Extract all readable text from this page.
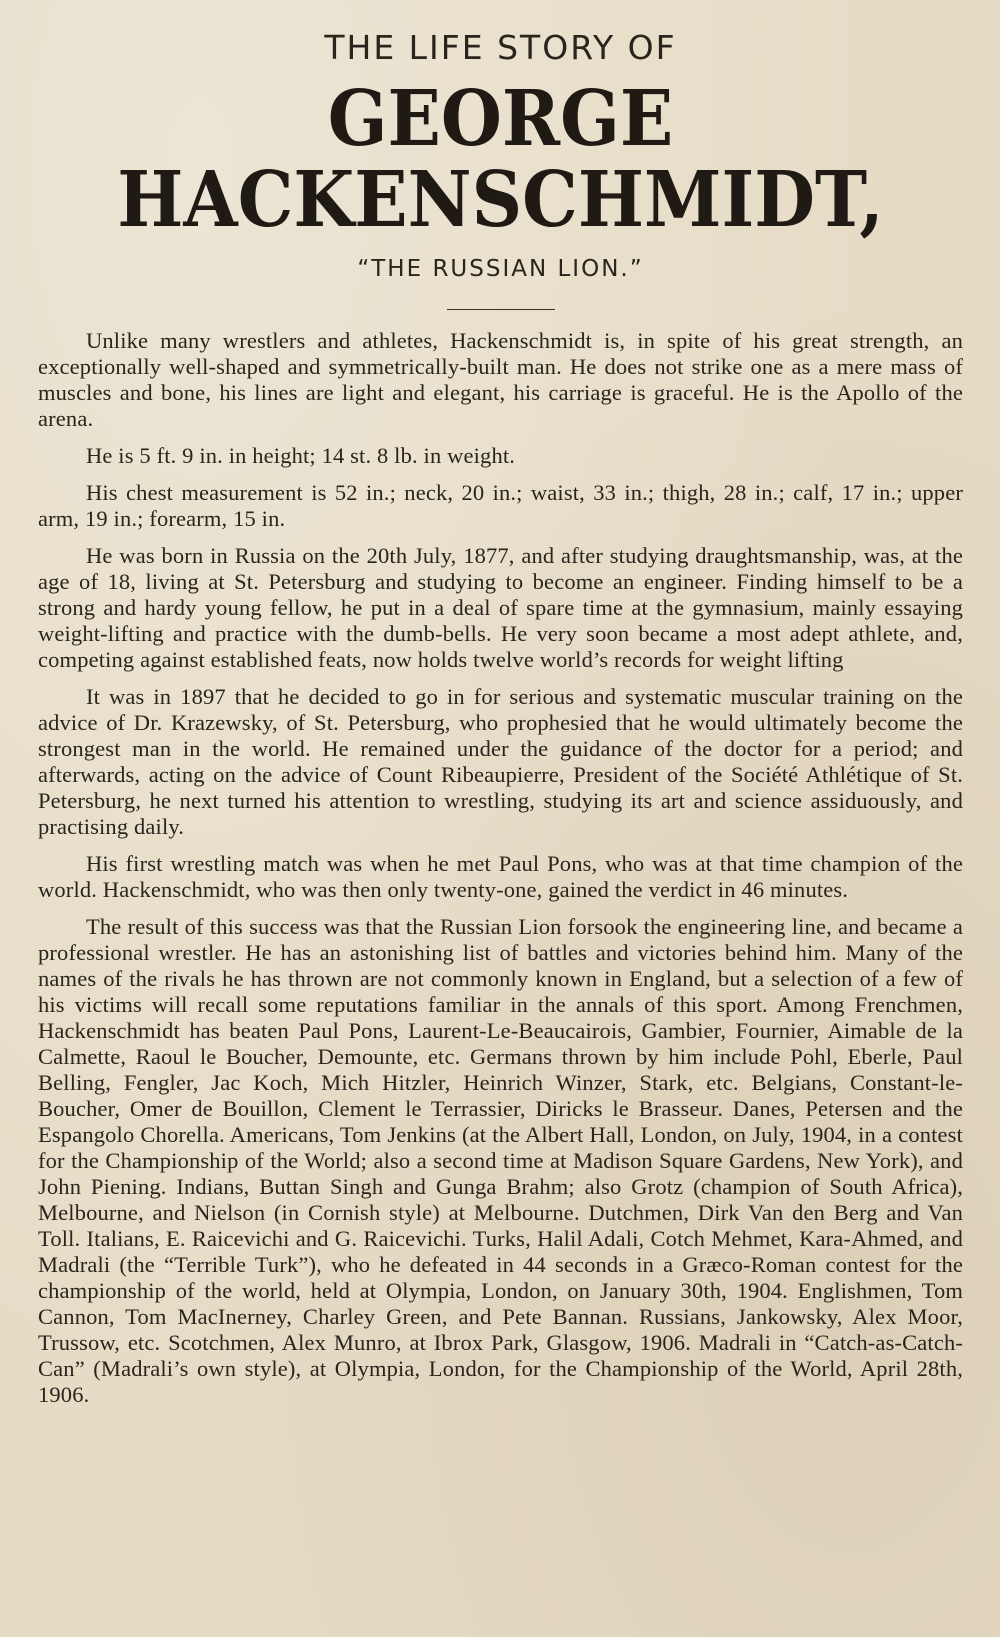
THE LIFE STORY OF
GEORGE HACKENSCHMIDT,
“THE RUSSIAN LION.”

Unlike many wrestlers and athletes, Hackenschmidt is, in spite of his great strength, an exceptionally well-shaped and symmetrically-built man. He does not strike one as a mere mass of muscles and bone, his lines are light and elegant, his carriage is graceful. He is the Apollo of the arena.

He is 5 ft. 9 in. in height; 14 st. 8 lb. in weight.

His chest measurement is 52 in.; neck, 20 in.; waist, 33 in.; thigh, 28 in.; calf, 17 in.; upper arm, 19 in.; forearm, 15 in.

He was born in Russia on the 20th July, 1877, and after studying draughtsmanship, was, at the age of 18, living at St. Petersburg and studying to become an engineer. Finding himself to be a strong and hardy young fellow, he put in a deal of spare time at the gymnasium, mainly essaying weight-lifting and practice with the dumb-bells. He very soon became a most adept athlete, and, competing against established feats, now holds twelve world’s records for weight lifting

It was in 1897 that he decided to go in for serious and systematic muscular training on the advice of Dr. Krazewsky, of St. Petersburg, who prophesied that he would ultimately become the strongest man in the world. He remained under the guidance of the doctor for a period; and afterwards, acting on the advice of Count Ribeaupierre, President of the Société Athlétique of St. Petersburg, he next turned his attention to wrestling, studying its art and science assiduously, and practising daily.

His first wrestling match was when he met Paul Pons, who was at that time champion of the world. Hackenschmidt, who was then only twenty-one, gained the verdict in 46 minutes.

The result of this success was that the Russian Lion forsook the engineering line, and became a professional wrestler. He has an astonishing list of battles and victories behind him. Many of the names of the rivals he has thrown are not commonly known in England, but a selection of a few of his victims will recall some reputations familiar in the annals of this sport. Among Frenchmen, Hackenschmidt has beaten Paul Pons, Laurent-Le-Beaucairois, Gambier, Fournier, Aimable de la Calmette, Raoul le Boucher, Demounte, etc. Germans thrown by him include Pohl, Eberle, Paul Belling, Fengler, Jac Koch, Mich Hitzler, Heinrich Winzer, Stark, etc. Belgians, Constant-le-Boucher, Omer de Bouillon, Clement le Terrassier, Diricks le Brasseur. Danes, Petersen and the Espangolo Chorella. Americans, Tom Jenkins (at the Albert Hall, London, on July, 1904, in a contest for the Championship of the World; also a second time at Madison Square Gardens, New York), and John Piening. Indians, Buttan Singh and Gunga Brahm; also Grotz (champion of South Africa), Melbourne, and Nielson (in Cornish style) at Melbourne. Dutchmen, Dirk Van den Berg and Van Toll. Italians, E. Raicevichi and G. Raicevichi. Turks, Halil Adali, Cotch Mehmet, Kara-Ahmed, and Madrali (the “Terrible Turk”), who he defeated in 44 seconds in a Græco-Roman contest for the championship of the world, held at Olympia, London, on January 30th, 1904. Englishmen, Tom Cannon, Tom MacInerney, Charley Green, and Pete Bannan. Russians, Jankowsky, Alex Moor, Trussow, etc. Scotchmen, Alex Munro, at Ibrox Park, Glasgow, 1906. Madrali in “Catch-as-Catch-Can” (Madrali’s own style), at Olympia, London, for the Championship of the World, April 28th, 1906.
